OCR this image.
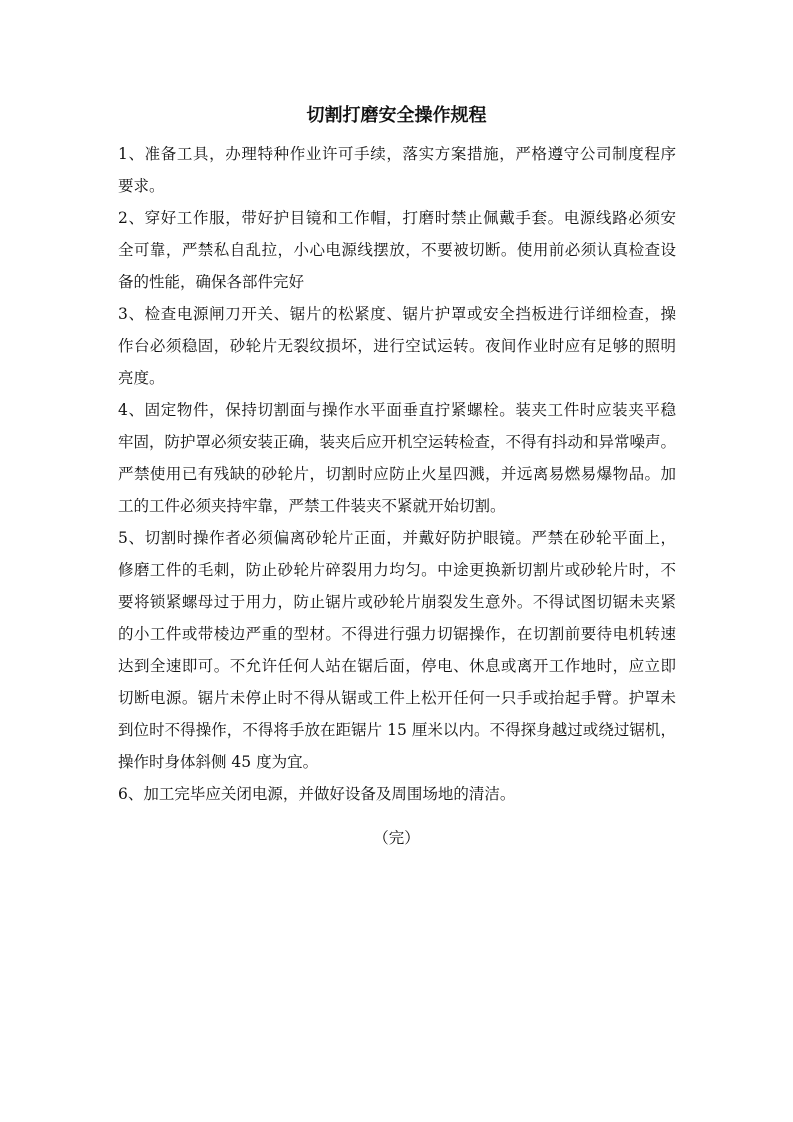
切割打磨安全操作规程
1、准备工具，办理特种作业许可手续，落实方案措施，严格遵守公司制度程序
要求。
2、穿好工作服，带好护目镜和工作帽，打磨时禁止佩戴手套。电源线路必须安
全可靠，严禁私自乱拉，小心电源线摆放，不要被切断。使用前必须认真检查设
备的性能，确保各部件完好
3、检查电源闸刀开关、锯片的松紧度、锯片护罩或安全挡板进行详细检查，操
作台必须稳固，砂轮片无裂纹损坏，进行空试运转。夜间作业时应有足够的照明
亮度。
4、固定物件，保持切割面与操作水平面垂直拧紧螺栓。装夹工件时应装夹平稳
牢固，防护罩必须安装正确，装夹后应开机空运转检查，不得有抖动和异常噪声。
严禁使用已有残缺的砂轮片，切割时应防止火星四溅，并远离易燃易爆物品。加
工的工件必须夹持牢靠，严禁工件装夹不紧就开始切割。
5、切割时操作者必须偏离砂轮片正面，并戴好防护眼镜。严禁在砂轮平面上，
修磨工件的毛刺，防止砂轮片碎裂用力均匀。中途更换新切割片或砂轮片时，不
要将锁紧螺母过于用力，防止锯片或砂轮片崩裂发生意外。不得试图切锯未夹紧
的小工件或带棱边严重的型材。不得进行强力切锯操作，在切割前要待电机转速
达到全速即可。不允许任何人站在锯后面，停电、休息或离开工作地时，应立即
切断电源。锯片未停止时不得从锯或工件上松开任何一只手或抬起手臂。护罩未
到位时不得操作，不得将手放在距锯片 15 厘米以内。不得探身越过或绕过锯机，
操作时身体斜侧 45 度为宜。
6、加工完毕应关闭电源，并做好设备及周围场地的清洁。
（完）
